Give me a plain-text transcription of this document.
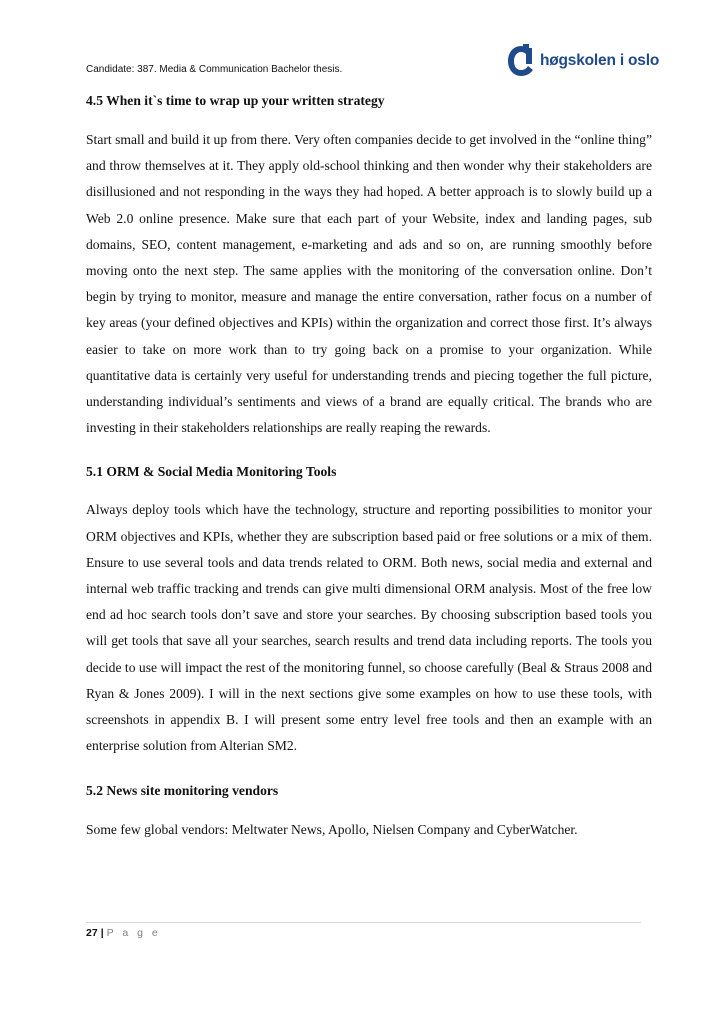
Candidate: 387. Media & Communication Bachelor thesis.
høgskolen i oslo
4.5 When it`s time to wrap up your written strategy

Start small and build it up from there. Very often companies decide to get involved in the “online thing” and throw themselves at it. They apply old-school thinking and then wonder why their stakeholders are disillusioned and not responding in the ways they had hoped. A better approach is to slowly build up a Web 2.0 online presence. Make sure that each part of your Website, index and landing pages, sub domains, SEO, content management, e-marketing and ads and so on, are running smoothly before moving onto the next step. The same applies with the monitoring of the conversation online. Don’t begin by trying to monitor, measure and manage the entire conversation, rather focus on a number of key areas (your defined objectives and KPIs) within the organization and correct those first. It’s always easier to take on more work than to try going back on a promise to your organization. While quantitative data is certainly very useful for understanding trends and piecing together the full picture, understanding individual’s sentiments and views of a brand are equally critical. The brands who are investing in their stakeholders relationships are really reaping the rewards.

5.1 ORM & Social Media Monitoring Tools

Always deploy tools which have the technology, structure and reporting possibilities to monitor your ORM objectives and KPIs, whether they are subscription based paid or free solutions or a mix of them. Ensure to use several tools and data trends related to ORM. Both news, social media and external and internal web traffic tracking and trends can give multi dimensional ORM analysis. Most of the free low end ad hoc search tools don’t save and store your searches. By choosing subscription based tools you will get tools that save all your searches, search results and trend data including reports. The tools you decide to use will impact the rest of the monitoring funnel, so choose carefully (Beal & Straus 2008 and Ryan & Jones 2009). I will in the next sections give some examples on how to use these tools, with screenshots in appendix B. I will present some entry level free tools and then an example with an enterprise solution from Alterian SM2.

5.2 News site monitoring vendors

Some few global vendors: Meltwater News, Apollo, Nielsen Company and CyberWatcher.

27 | P a g e
